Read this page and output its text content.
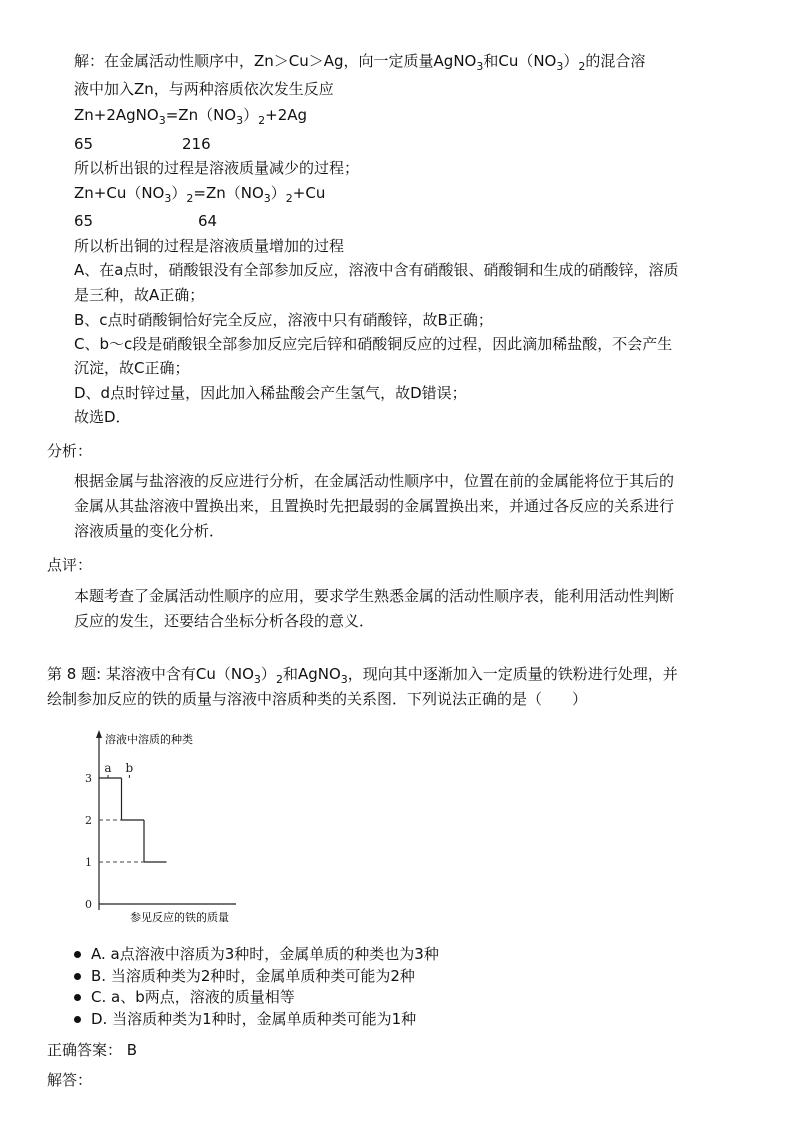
解：在金属活动性顺序中，Zn＞Cu＞Ag，向一定质量AgNO$_3$和$Cu(NO_3)_2$的混合溶
液中加入Zn，与两种溶质依次发生反应
$Zn+2AgNO_3=Zn(NO_3)_2+2Ag$
65	216
所以析出银的过程是溶液质量减少的过程；
$Zn+Cu(NO_3)_2=Zn(NO_3)_2+Cu$
65	64
所以析出铜的过程是溶液质量增加的过程
A、在a点时，硝酸银没有全部参加反应，溶液中含有硝酸银、硝酸铜和生成的硝酸锌，溶质
是三种，故A正确；
B、c点时硝酸铜恰好完全反应，溶液中只有硝酸锌，故B正确；
C、b～c段是硝酸银全部参加反应完后锌和硝酸铜反应的过程，因此滴加稀盐酸，不会产生
沉淀，故C正确；
D、d点时锌过量，因此加入稀盐酸会产生氢气，故D错误；
故选D．
分析：
根据金属与盐溶液的反应进行分析，在金属活动性顺序中，位置在前的金属能将位于其后的
金属从其盐溶液中置换出来，且置换时先把最弱的金属置换出来，并通过各反应的关系进行
溶液质量的变化分析．
点评：
本题考查了金属活动性顺序的应用，要求学生熟悉金属的活动性顺序表，能利用活动性判断
反应的发生，还要结合坐标分析各段的意义．
第 8 题: 某溶液中含有$Cu(NO_3)_2$和AgNO$_3$，现向其中逐渐加入一定质量的铁粉进行处理，并
绘制参加反应的铁的质量与溶液中溶质种类的关系图．下列说法正确的是（　　）
溶液中溶质的种类
参见反应的铁的质量
0
1
2
3
a b
A. a点溶液中溶质为3种时，金属单质的种类也为3种
B. 当溶质种类为2种时，金属单质种类可能为2种
C. a、b两点，溶液的质量相等
D. 当溶质种类为1种时，金属单质种类可能为1种
正确答案： B
解答：
